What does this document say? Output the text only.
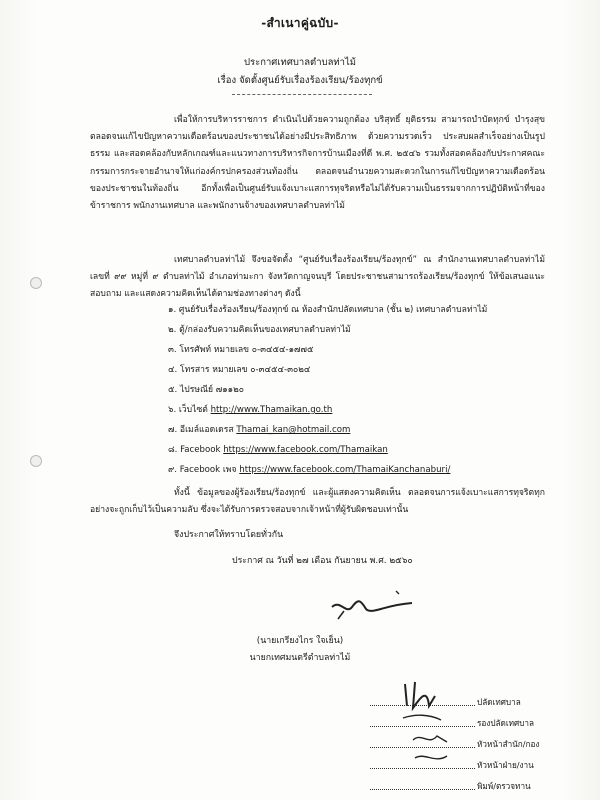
-สำเนาคู่ฉบับ-
ประกาศเทศบาลตำบลท่าไม้
เรื่อง จัดตั้งศูนย์รับเรื่องร้องเรียน/ร้องทุกข์

เพื่อให้การบริหารราชการ ดำเนินไปด้วยความถูกต้อง บริสุทธิ์ ยุติธรรม สามารถบำบัดทุกข์ บำรุงสุข ตลอดจนแก้ไขปัญหาความเดือดร้อนของประชาชนได้อย่างมีประสิทธิภาพ ด้วยความรวดเร็ว ประสบผลสำเร็จอย่างเป็นรูปธรรม และสอดคล้องกับหลักเกณฑ์และแนวทางการบริหารกิจการบ้านเมืองที่ดี พ.ศ. ๒๕๔๖ รวมทั้งสอดคล้องกับประกาศคณะกรรมการกระจายอำนาจให้แก่องค์กรปกครองส่วนท้องถิ่น ตลอดจนอำนวยความสะดวกในการแก้ไขปัญหาความเดือดร้อนของประชาชนในท้องถิ่น อีกทั้งเพื่อเป็นศูนย์รับแจ้งเบาะแสการทุจริตหรือไม่ได้รับความเป็นธรรมจากการปฏิบัติหน้าที่ของข้าราชการ พนักงานเทศบาล และพนักงานจ้างของเทศบาลตำบลท่าไม้

เทศบาลตำบลท่าไม้ จึงขอจัดตั้ง “ศูนย์รับเรื่องร้องเรียน/ร้องทุกข์” ณ สำนักงานเทศบาลตำบลท่าไม้ เลขที่ ๙๙ หมู่ที่ ๙ ตำบลท่าไม้ อำเภอท่ามะกา จังหวัดกาญจนบุรี โดยประชาชนสามารถร้องเรียน/ร้องทุกข์ ให้ข้อเสนอแนะ สอบถาม และแสดงความคิดเห็นได้ตามช่องทางต่างๆ ดังนี้

๑. ศูนย์รับเรื่องร้องเรียน/ร้องทุกข์ ณ ห้องสำนักปลัดเทศบาล (ชั้น ๒) เทศบาลตำบลท่าไม้
๒. ตู้/กล่องรับความคิดเห็นของเทศบาลตำบลท่าไม้
๓. โทรศัพท์ หมายเลข ๐-๓๔๕๔-๑๗๗๕
๔. โทรสาร หมายเลข ๐-๓๔๕๔-๓๐๒๔
๕. ไปรษณีย์ ๗๑๑๒๐
๖. เว็บไซต์ http://www.Thamaikan.go.th
๗. อีเมล์แอดเดรส Thamai_kan@hotmail.com
๘. Facebook https://www.facebook.com/Thamaikan
๙. Facebook เพจ https://www.facebook.com/ThamaiKanchanaburi/

ทั้งนี้ ข้อมูลของผู้ร้องเรียน/ร้องทุกข์ และผู้แสดงความคิดเห็น ตลอดจนการแจ้งเบาะแสการทุจริตทุกอย่างจะถูกเก็บไว้เป็นความลับ ซึ่งจะได้รับการตรวจสอบจากเจ้าหน้าที่ผู้รับผิดชอบเท่านั้น

จึงประกาศให้ทราบโดยทั่วกัน
ประกาศ ณ วันที่ ๒๗ เดือน กันยายน พ.ศ. ๒๕๖๐
(นายเกรียงไกร ใจเย็น)
นายกเทศมนตรีตำบลท่าไม้
ปลัดเทศบาล
รองปลัดเทศบาล
หัวหน้าสำนัก/กอง
หัวหน้าฝ่าย/งาน
พิมพ์/ตรวจทาน
